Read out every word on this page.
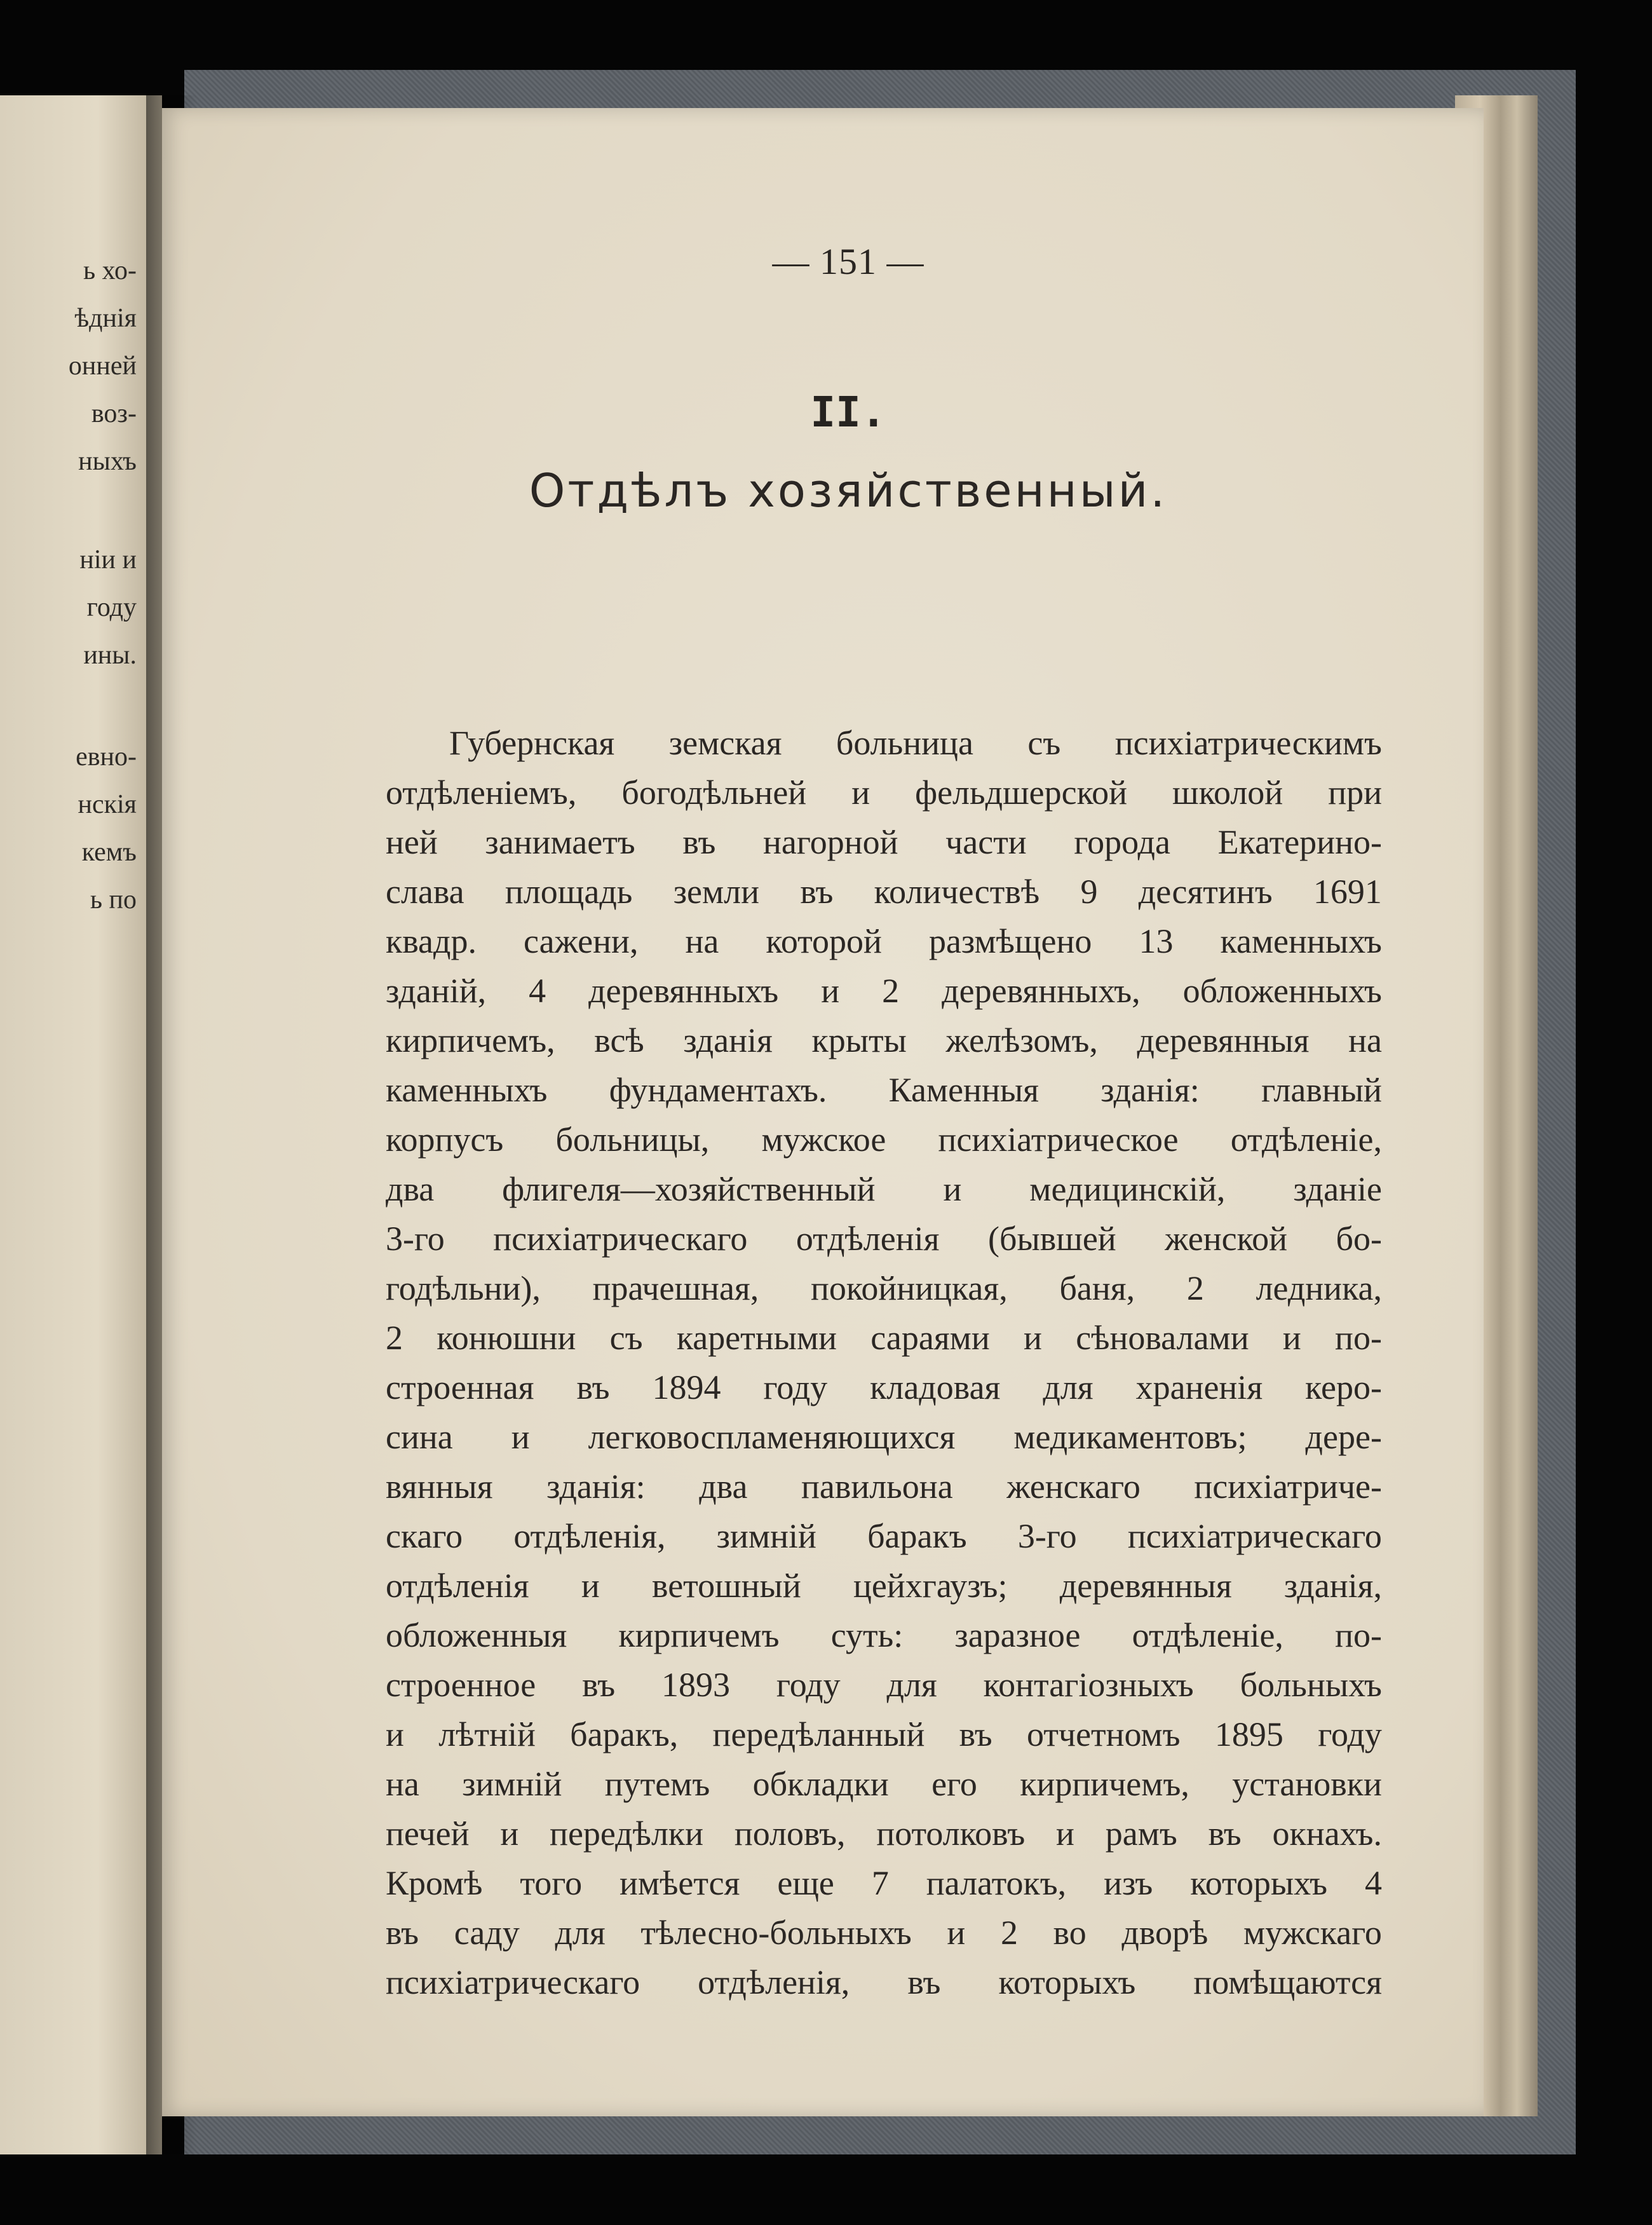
ь хо-
ѣднія
онней
воз-
ныхъ
ніи и
году
ины.
евно-
нскія
кемъ
ь по
— 151 —
II.
Отдѣлъ хозяйственный.
Губернская земская больница съ психіатрическимъ
отдѣленіемъ, богодѣльней и фельдшерской школой при
ней занимаетъ въ нагорной части города Екатерино-
слава площадь земли въ количествѣ 9 десятинъ 1691
квадр. сажени, на которой размѣщено 13 каменныхъ
зданій, 4 деревянныхъ и 2 деревянныхъ, обложенныхъ
кирпичемъ, всѣ зданія крыты желѣзомъ, деревянныя на
каменныхъ фундаментахъ. Каменныя зданія: главный
корпусъ больницы, мужское психіатрическое отдѣленіе,
два флигеля—хозяйственный и медицинскій, зданіе
3-го психіатрическаго отдѣленія (бывшей женской бо-
годѣльни), прачешная, покойницкая, баня, 2 ледника,
2 конюшни съ каретными сараями и сѣновалами и по-
строенная въ 1894 году кладовая для храненія керо-
сина и легковоспламеняющихся медикаментовъ; дере-
вянныя зданія: два павильона женскаго психіатриче-
скаго отдѣленія, зимній баракъ 3-го психіатрическаго
отдѣленія и ветошный цейхгаузъ; деревянныя зданія,
обложенныя кирпичемъ суть: заразное отдѣленіе, по-
строенное въ 1893 году для контагіозныхъ больныхъ
и лѣтній баракъ, передѣланный въ отчетномъ 1895 году
на зимній путемъ обкладки его кирпичемъ, установки
печей и передѣлки половъ, потолковъ и рамъ въ окнахъ.
Кромѣ того имѣется еще 7 палатокъ, изъ которыхъ 4
въ саду для тѣлесно-больныхъ и 2 во дворѣ мужскаго
психіатрическаго отдѣленія, въ которыхъ помѣщаются
